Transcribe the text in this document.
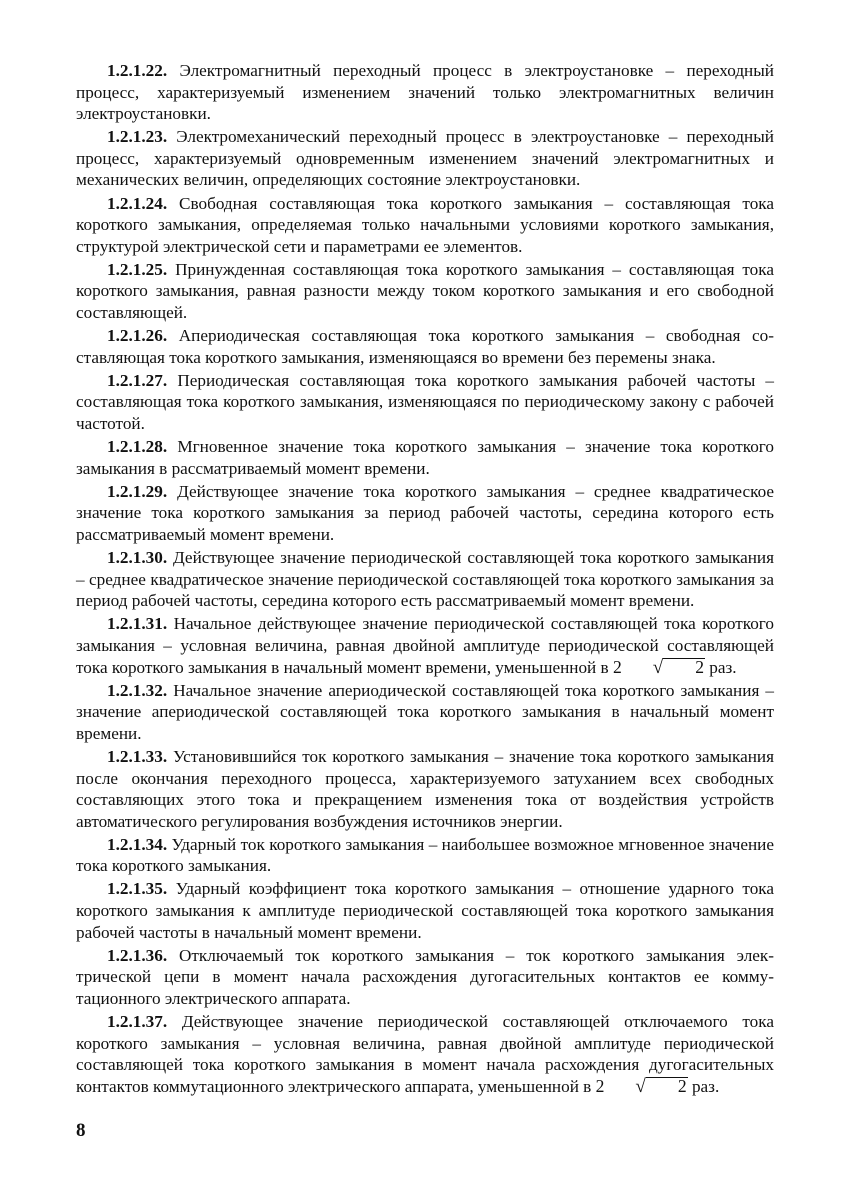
1.2.1.22. Электромагнитный переходный процесс в электроустановке – переходный процесс, характеризуемый изменением значений только электромагнитных величин электроустановки.

1.2.1.23. Электромеханический переходный процесс в электроустановке – переходный процесс, характеризуемый одновременным изменением значений электромагнитных и механических величин, определяющих состояние электроустановки.

1.2.1.24. Свободная составляющая тока короткого замыкания – составляющая тока короткого замыкания, определяемая только начальными условиями короткого замыкания, структурой электрической сети и параметрами ее элементов.

1.2.1.25. Принужденная составляющая тока короткого замыкания – составляющая тока короткого замыкания, равная разности между током короткого замыкания и его свободной составляющей.

1.2.1.26. Апериодическая составляющая тока короткого замыкания – свободная составляющая тока короткого замыкания, изменяющаяся во времени без перемены знака.

1.2.1.27. Периодическая составляющая тока короткого замыкания рабочей частоты – составляющая тока короткого замыкания, изменяющаяся по периодическому закону с рабочей частотой.

1.2.1.28. Мгновенное значение тока короткого замыкания – значение тока короткого замыкания в рассматриваемый момент времени.

1.2.1.29. Действующее значение тока короткого замыкания – среднее квадратическое значение тока короткого замыкания за период рабочей частоты, середина которого есть рассматриваемый момент времени.

1.2.1.30. Действующее значение периодической составляющей тока короткого замыкания – среднее квадратическое значение периодической составляющей тока короткого замыкания за период рабочей частоты, середина которого есть рассматриваемый момент времени.

1.2.1.31. Начальное действующее значение периодической составляющей тока короткого замыкания – условная величина, равная двойной амплитуде периодической составляющей тока короткого замыкания в начальный момент времени, уменьшенной в 2 √ 2 раз.

1.2.1.32. Начальное значение апериодической составляющей тока короткого замыкания – значение апериодической составляющей тока короткого замыкания в начальный момент времени.

1.2.1.33. Установившийся ток короткого замыкания – значение тока короткого замыкания после окончания переходного процесса, характеризуемого затуханием всех свободных составляющих этого тока и прекращением изменения тока от воздействия устройств автоматического регулирования возбуждения источников энергии.

1.2.1.34. Ударный ток короткого замыкания – наибольшее возможное мгновенное значение тока короткого замыкания.

1.2.1.35. Ударный коэффициент тока короткого замыкания – отношение ударного тока короткого замыкания к амплитуде периодической составляющей тока короткого замыкания рабочей частоты в начальный момент времени.

1.2.1.36. Отключаемый ток короткого замыкания – ток короткого замыкания электрической цепи в момент начала расхождения дугогасительных контактов ее коммутационного электрического аппарата.

1.2.1.37. Действующее значение периодической составляющей отключаемого тока короткого замыкания – условная величина, равная двойной амплитуде периодической составляющей тока короткого замыкания в момент начала расхождения дугогасительных контактов коммутационного электрического аппарата, уменьшенной в 2 √ 2 раз.

8
